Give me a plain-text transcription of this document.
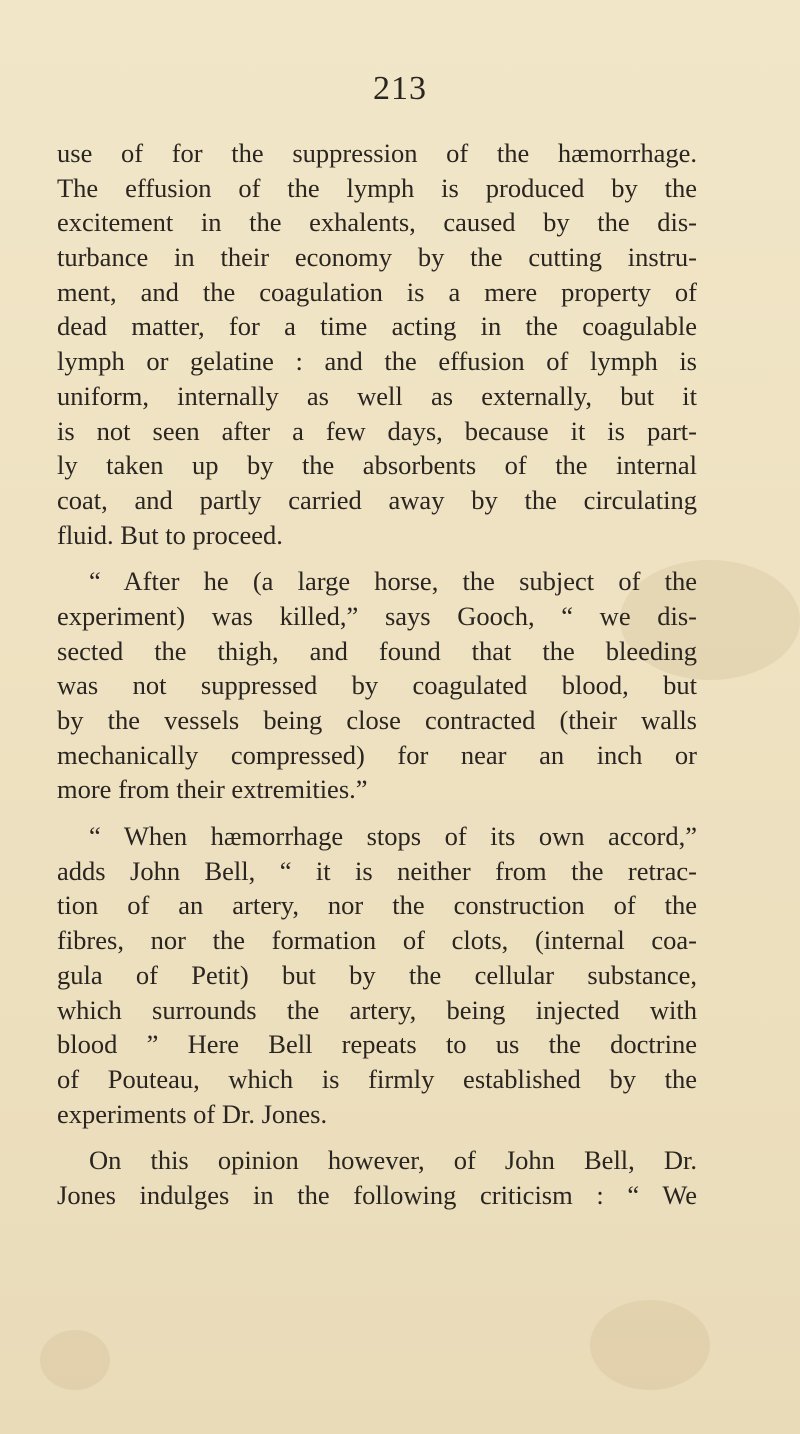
213
use of for the suppression of the hæmorrhage.
The effusion of the lymph is produced by the
excitement in the exhalents, caused by the dis-
turbance in their economy by the cutting instru-
ment, and the coagulation is a mere property of
dead matter, for a time acting in the coagulable
lymph or gelatine : and the effusion of lymph is
uniform, internally as well as externally, but it
is not seen after a few days, because it is part-
ly taken up by the absorbents of the internal
coat, and partly carried away by the circulating
fluid. But to proceed.
“ After he (a large horse, the subject of the
experiment) was killed,” says Gooch, “ we dis-
sected the thigh, and found that the bleeding
was not suppressed by coagulated blood, but
by the vessels being close contracted (their walls
mechanically compressed) for near an inch or
more from their extremities.”
“ When hæmorrhage stops of its own accord,”
adds John Bell, “ it is neither from the retrac-
tion of an artery, nor the construction of the
fibres, nor the formation of clots, (internal coa-
gula of Petit) but by the cellular substance,
which surrounds the artery, being injected with
blood ” Here Bell repeats to us the doctrine
of Pouteau, which is firmly established by the
experiments of Dr. Jones.
On this opinion however, of John Bell, Dr.
Jones indulges in the following criticism : “ We
